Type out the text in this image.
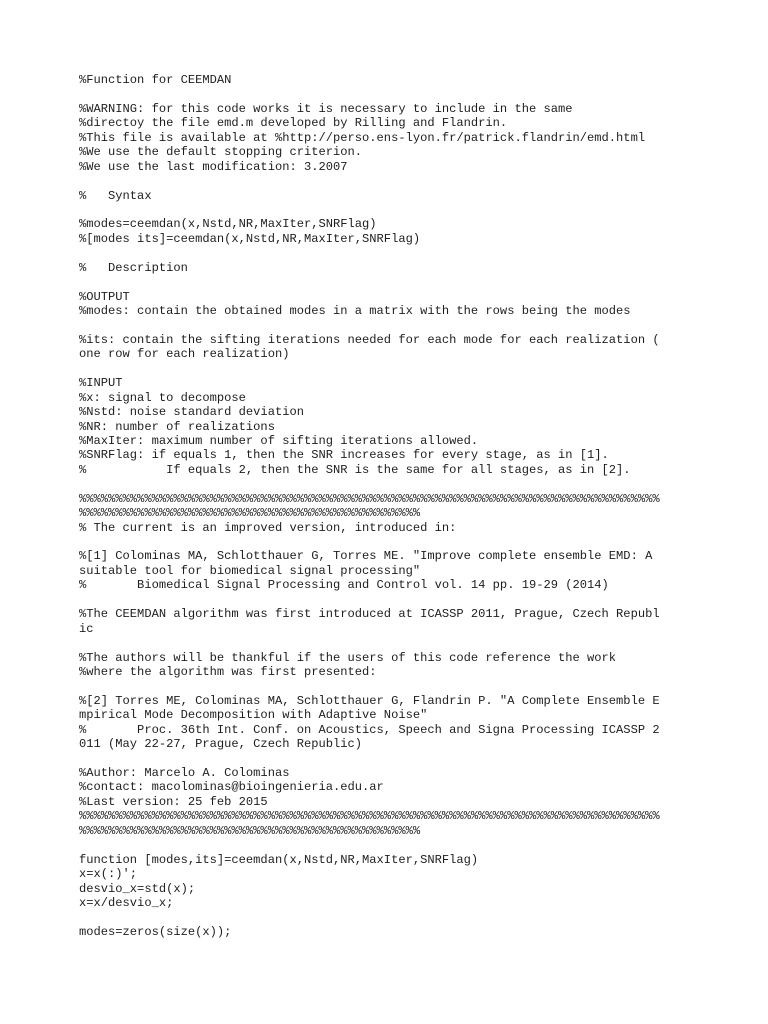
%Function for CEEMDAN
%WARNING: for this code works it is necessary to include in the same
%directoy the file emd.m developed by Rilling and Flandrin.
%This file is available at %http://perso.ens-lyon.fr/patrick.flandrin/emd.html
%We use the default stopping criterion.
%We use the last modification: 3.2007
%   Syntax
%modes=ceemdan(x,Nstd,NR,MaxIter,SNRFlag)
%[modes its]=ceemdan(x,Nstd,NR,MaxIter,SNRFlag)
%   Description
%OUTPUT
%modes: contain the obtained modes in a matrix with the rows being the modes
%its: contain the sifting iterations needed for each mode for each realization (
one row for each realization)
%INPUT
%x: signal to decompose
%Nstd: noise standard deviation
%NR: number of realizations
%MaxIter: maximum number of sifting iterations allowed.
%SNRFlag: if equals 1, then the SNR increases for every stage, as in [1].
%           If equals 2, then the SNR is the same for all stages, as in [2].
%%%%%%%%%%%%%%%%%%%%%%%%%%%%%%%%%%%%%%%%%%%%%%%%%%%%%%%%%%%%%%%%%%%%%%%%%%%%%%%%
%%%%%%%%%%%%%%%%%%%%%%%%%%%%%%%%%%%%%%%%%%%%%%%
% The current is an improved version, introduced in:
%[1] Colominas MA, Schlotthauer G, Torres ME. "Improve complete ensemble EMD: A
suitable tool for biomedical signal processing"
%       Biomedical Signal Processing and Control vol. 14 pp. 19-29 (2014)
%The CEEMDAN algorithm was first introduced at ICASSP 2011, Prague, Czech Republ
ic
%The authors will be thankful if the users of this code reference the work
%where the algorithm was first presented:
%[2] Torres ME, Colominas MA, Schlotthauer G, Flandrin P. "A Complete Ensemble E
mpirical Mode Decomposition with Adaptive Noise"
%       Proc. 36th Int. Conf. on Acoustics, Speech and Signa Processing ICASSP 2
011 (May 22-27, Prague, Czech Republic)
%Author: Marcelo A. Colominas
%contact: macolominas@bioingenieria.edu.ar
%Last version: 25 feb 2015
%%%%%%%%%%%%%%%%%%%%%%%%%%%%%%%%%%%%%%%%%%%%%%%%%%%%%%%%%%%%%%%%%%%%%%%%%%%%%%%%
%%%%%%%%%%%%%%%%%%%%%%%%%%%%%%%%%%%%%%%%%%%%%%%
function [modes,its]=ceemdan(x,Nstd,NR,MaxIter,SNRFlag)
x=x(:)';
desvio_x=std(x);
x=x/desvio_x;
modes=zeros(size(x));
